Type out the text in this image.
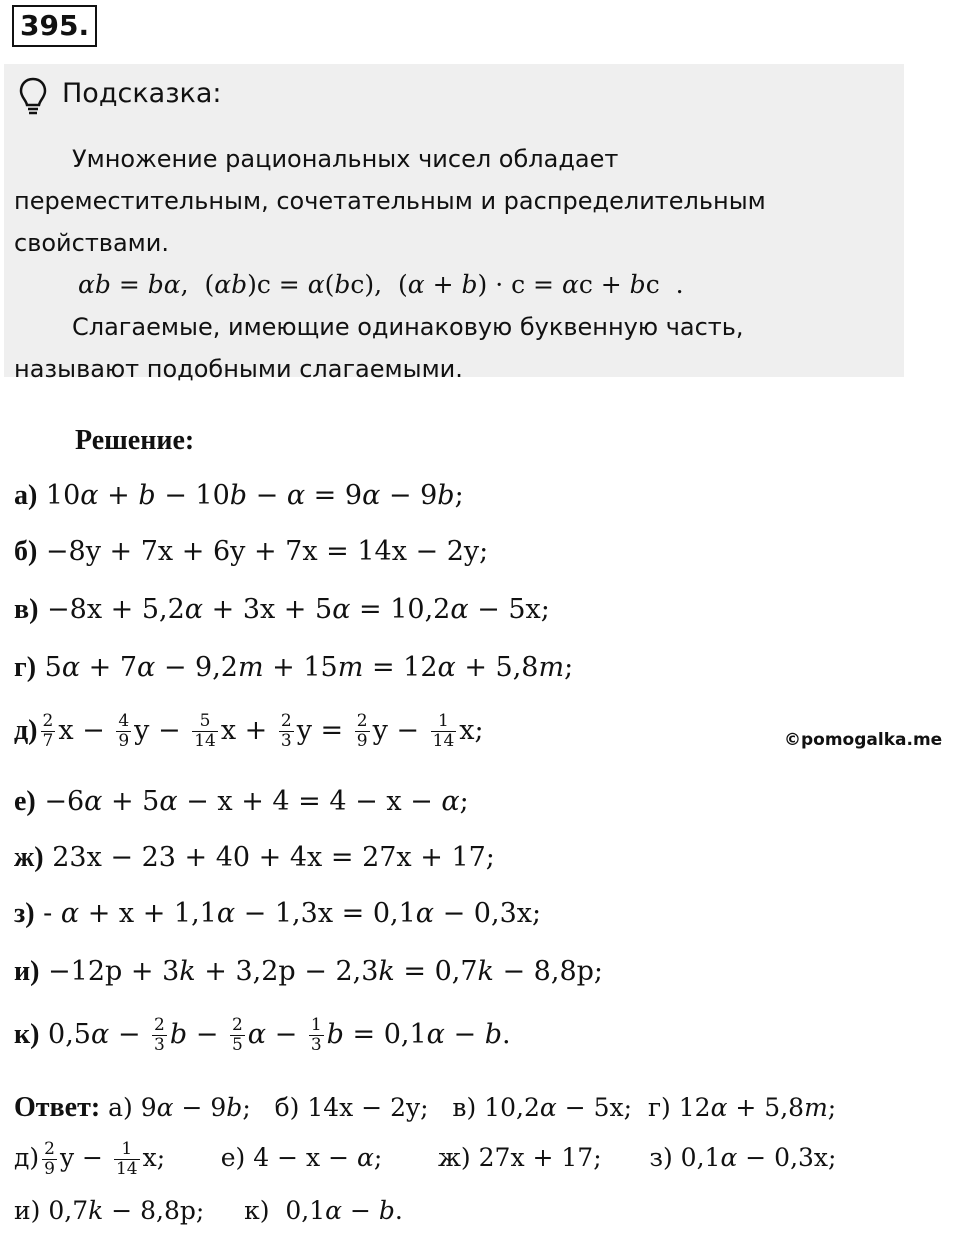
395.
Подсказка:

Умножение рациональных чисел обладает

переместительным, сочетательным и распределительным

свойствами.

αb = bα,  (αb)c = α(bc),  (α + b) · c = αc + bc  .

Слагаемые, имеющие одинаковую буквенную часть,

называют подобными слагаемыми.

Решение:
а) 10α + b − 10b − α = 9α − 9b;
б) −8y + 7x + 6y + 7x = 14x − 2y;
в) −8x + 5,2α + 3x + 5α = 10,2α − 5x;
г) 5α + 7α − 9,2m + 15m = 12α + 5,8m;
$д) \frac{2}{7}$ $x - \frac{4}{9}$ $y - \frac{5}{14}$ $x + \frac{2}{3}$ $y = \frac{2}{9}$ $y - \frac{1}{14} x$;	©pomogalka.me
е) −6α + 5α − x + 4 = 4 − x − α;
ж) 23x − 23 + 40 + 4x = 27x + 17;
з) - α + x + 1,1α − 1,3x = 0,1α − 0,3x;
и) −12p + 3k + 3,2p − 2,3k = 0,7k − 8,8p;
к) $0,5\alpha - \frac{2}{3}$ $b - \frac{2}{5}$ $\alpha - \frac{1}{3}$ b = 0,1α − b.
Ответ: а) 9α − 9b; б) 14x − 2y; в) 10,2α − 5x; г) 12α + 5,8m;
$д) \frac{2}{9}$ $y - \frac{1}{14} x$; е) 4 − x − α; ж) 27x + 17; з) 0,1α − 0,3x;
и) 0,7k − 8,8p; к)  0,1α − b.
